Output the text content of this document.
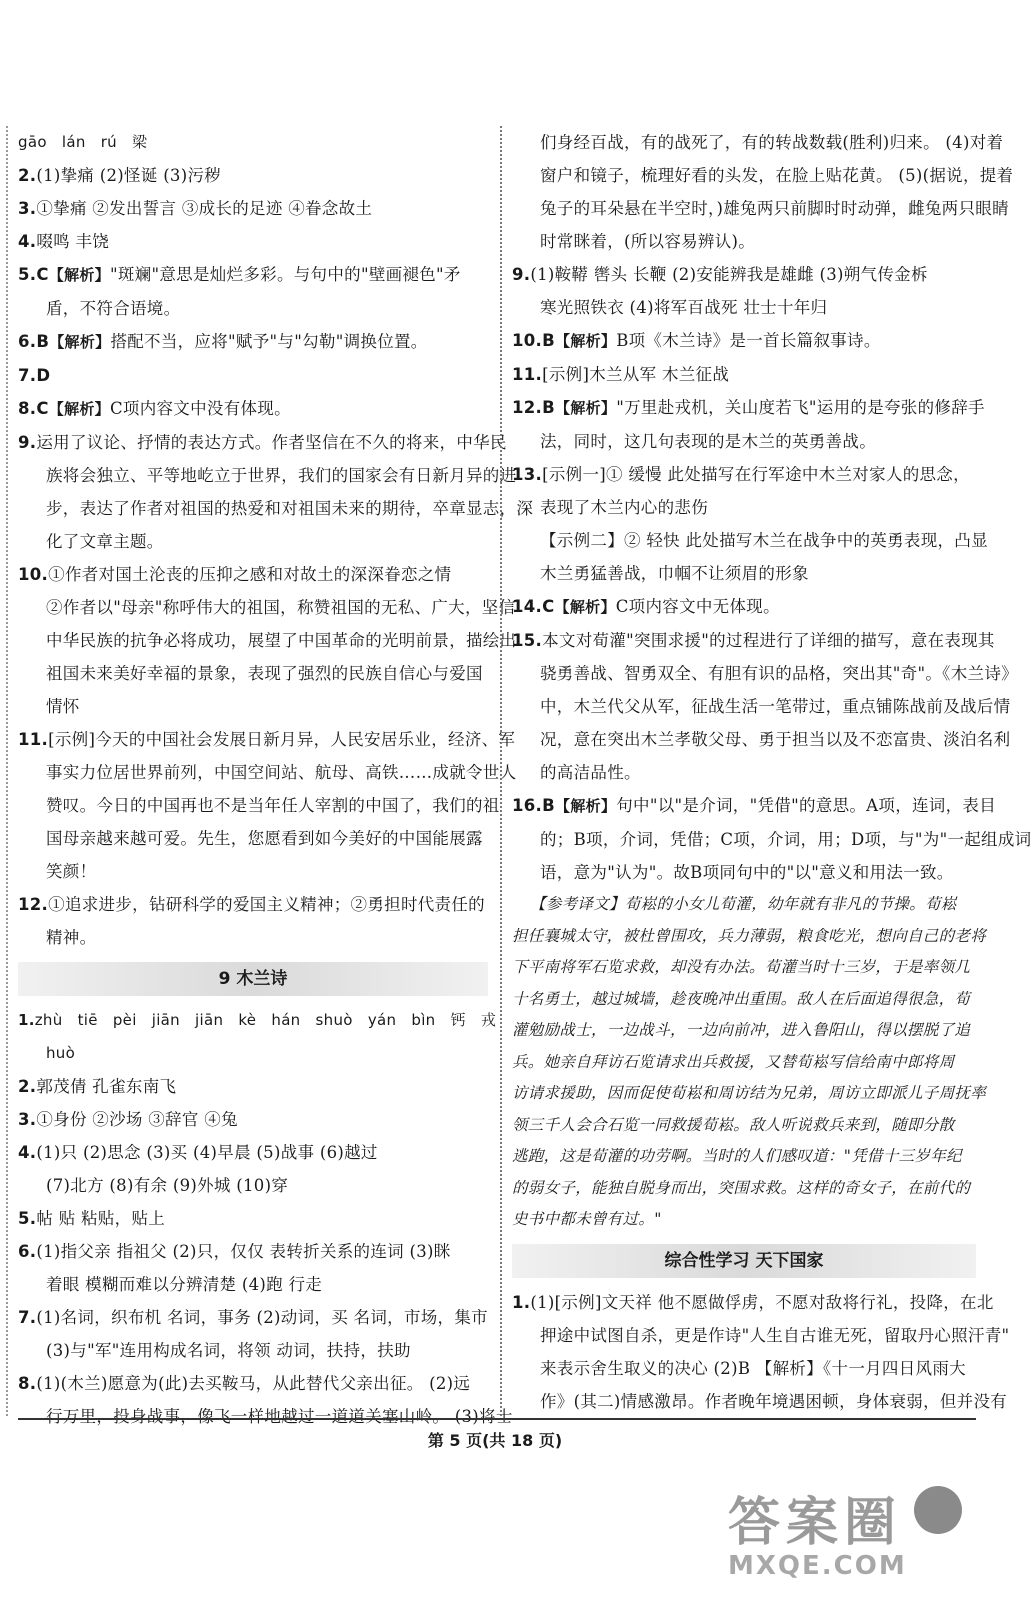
gāo lán rú 梁
2.(1)挚痛 (2)怪诞 (3)污秽
3.①挚痛 ②发出誓言 ③成长的足迹 ④眷念故土
4.啜鸣 丰饶
5.C【解析】"斑斓"意思是灿烂多彩。与句中的"壁画褪色"矛
盾，不符合语境。
6.B【解析】搭配不当，应将"赋予"与"勾勒"调换位置。
7.D
8.C【解析】C项内容文中没有体现。
9.运用了议论、抒情的表达方式。作者坚信在不久的将来，中华民
族将会独立、平等地屹立于世界，我们的国家会有日新月异的进
步，表达了作者对祖国的热爱和对祖国未来的期待，卒章显志，深
化了文章主题。
10.①作者对国土沦丧的压抑之感和对故土的深深眷恋之情
②作者以"母亲"称呼伟大的祖国，称赞祖国的无私、广大，坚信
中华民族的抗争必将成功，展望了中国革命的光明前景，描绘出
祖国未来美好幸福的景象，表现了强烈的民族自信心与爱国
情怀
11.[示例]今天的中国社会发展日新月异，人民安居乐业，经济、军
事实力位居世界前列，中国空间站、航母、高铁……成就令世人
赞叹。今日的中国再也不是当年任人宰割的中国了，我们的祖
国母亲越来越可爱。先生，您愿看到如今美好的中国能展露
笑颜！
12.①追求进步，钻研科学的爱国主义精神；②勇担时代责任的
精神。
9 木兰诗
1.zhù tiē pèi jiān jiān kè hán shuò yán bìn 钙 戎
huò
2.郭茂倩 孔雀东南飞
3.①身份 ②沙场 ③辞官 ④兔
4.(1)只 (2)思念 (3)买 (4)早晨 (5)战事 (6)越过
(7)北方 (8)有余 (9)外城 (10)穿
5.帖 贴 粘贴，贴上
6.(1)指父亲 指祖父 (2)只，仅仅 表转折关系的连词 (3)眯
着眼 模糊而难以分辨清楚 (4)跑 行走
7.(1)名词，织布机 名词，事务 (2)动词，买 名词，市场，集市
(3)与"军"连用构成名词，将领 动词，扶持，扶助
8.(1)(木兰)愿意为(此)去买鞍马，从此替代父亲出征。 (2)远
行万里，投身战事，像飞一样地越过一道道关塞山岭。 (3)将士
们身经百战，有的战死了，有的转战数载(胜利)归来。 (4)对着
窗户和镜子，梳理好看的头发，在脸上贴花黄。 (5)(据说，提着
兔子的耳朵悬在半空时，)雄兔两只前脚时时动弹，雌兔两只眼睛
时常眯着，(所以容易辨认)。
9.(1)鞍鞯 辔头 长鞭 (2)安能辨我是雄雌 (3)朔气传金柝
寒光照铁衣 (4)将军百战死 壮士十年归
10.B【解析】B项《木兰诗》是一首长篇叙事诗。
11.[示例]木兰从军 木兰征战
12.B【解析】"万里赴戎机，关山度若飞"运用的是夸张的修辞手
法，同时，这几句表现的是木兰的英勇善战。
13.[示例一]① 缓慢 此处描写在行军途中木兰对家人的思念，
表现了木兰内心的悲伤
【示例二】② 轻快 此处描写木兰在战争中的英勇表现，凸显
木兰勇猛善战，巾帼不让须眉的形象
14.C【解析】C项内容文中无体现。
15.本文对荀灌"突围求援"的过程进行了详细的描写，意在表现其
骁勇善战、智勇双全、有胆有识的品格，突出其"奇"。《木兰诗》
中，木兰代父从军，征战生活一笔带过，重点铺陈战前及战后情
况，意在突出木兰孝敬父母、勇于担当以及不恋富贵、淡泊名利
的高洁品性。
16.B【解析】句中"以"是介词，"凭借"的意思。A项，连词，表目
的；B项，介词，凭借；C项，介词，用；D项，与"为"一起组成词
语，意为"认为"。故B项同句中的"以"意义和用法一致。
【参考译文】荀崧的小女儿荀灌，幼年就有非凡的节操。荀崧
担任襄城太守，被杜曾围攻，兵力薄弱，粮食吃光，想向自己的老将
下平南将军石览求救，却没有办法。荀灌当时十三岁，于是率领几
十名勇士，越过城墙，趁夜晚冲出重围。敌人在后面追得很急，荀
灌勉励战士，一边战斗，一边向前冲，进入鲁阳山，得以摆脱了追
兵。她亲自拜访石览请求出兵救援，又替荀崧写信给南中郎将周
访请求援助，因而促使荀崧和周访结为兄弟，周访立即派儿子周抚率
领三千人会合石览一同救援荀崧。敌人听说救兵来到，随即分散
逃跑，这是荀灌的功劳啊。当时的人们感叹道："凭借十三岁年纪
的弱女子，能独自脱身而出，突围求救。这样的奇女子，在前代的
史书中都未曾有过。"
综合性学习 天下国家
1.(1)[示例]文天祥 他不愿做俘虏，不愿对敌将行礼，投降，在北
押途中试图自杀，更是作诗"人生自古谁无死，留取丹心照汗青"
来表示舍生取义的决心 (2)B 【解析】《十一月四日风雨大
作》(其二)情感激昂。作者晚年境遇困顿，身体衰弱，但并没有
第 5 页(共 18 页)
答案圈
MXQE.COM
